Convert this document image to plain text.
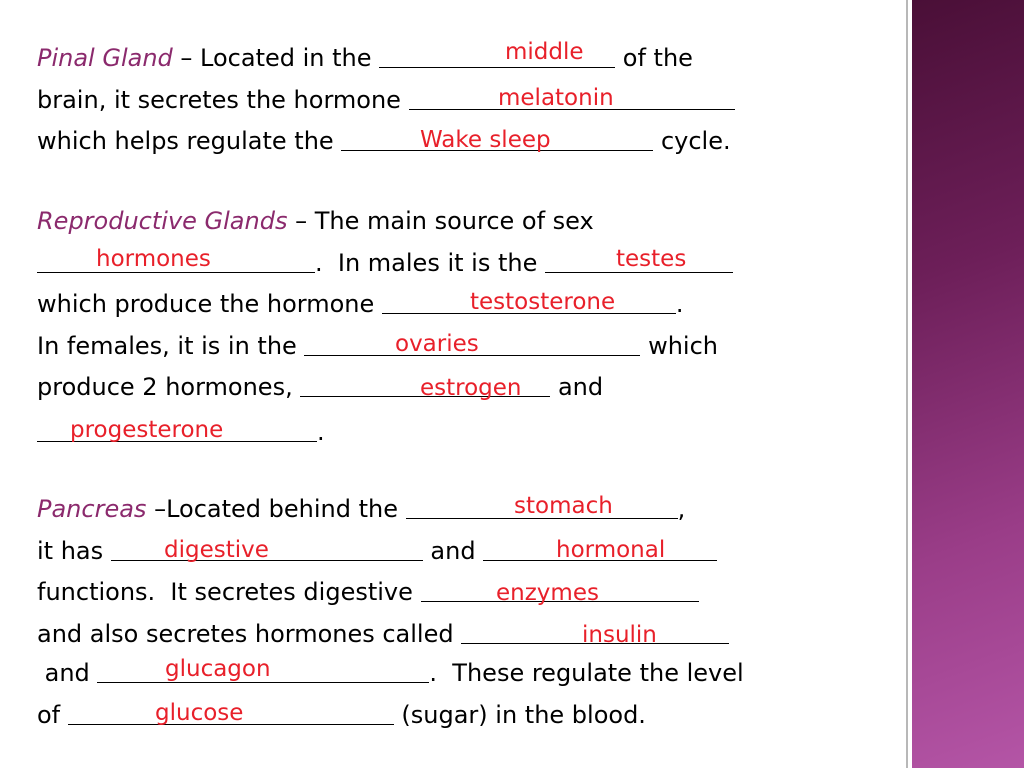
Pinal Gland – Located in the	of the
brain, it secretes the hormone
which helps regulate the	cycle.
middle
melatonin
Wake sleep
Reproductive Glands – The main source of sex
.  In males it is the
which produce the hormone	.
In females, it is in the	which
produce 2 hormones,	and
.
hormones	testes
testosterone
ovaries
estrogen
progesterone
Pancreas –Located behind the	,
it has	and
functions.  It secretes digestive
and also secretes hormones called
and	.  These regulate the level
of	(sugar) in the blood.
stomach
digestive	hormonal
enzymes
insulin
glucagon
glucose
